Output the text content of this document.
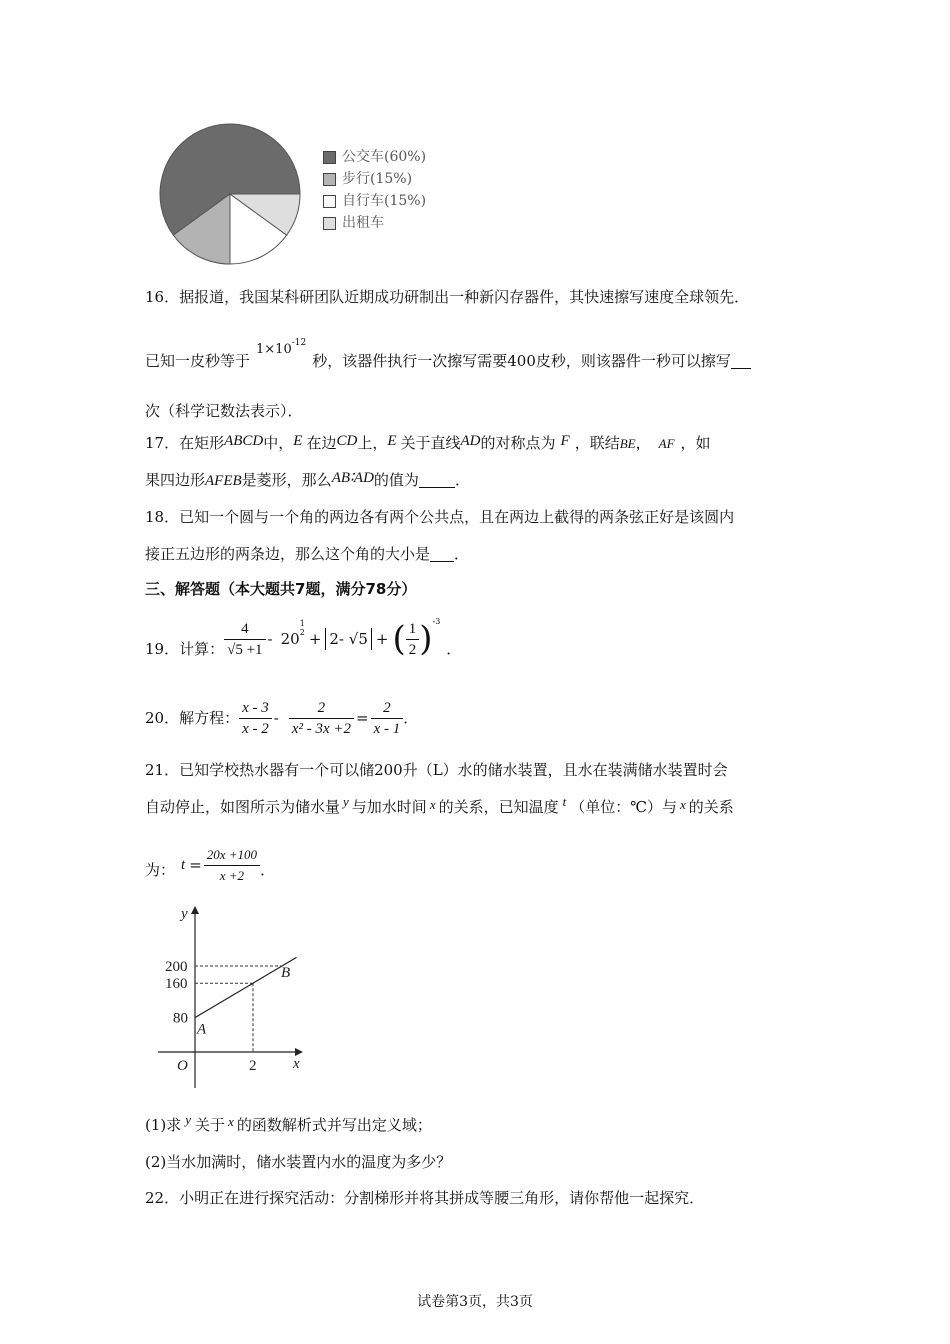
公交车(60%)
步行(15%)
自行车(15%)
出租车
16．据报道，我国某科研团队近期成功研制出一种新闪存器件，其快速擦写速度全球领先．
已知一皮秒等于$1\times 10^{-12}$秒，该器件执行一次擦写需要400皮秒，则该器件一秒可以擦写
次（科学记数法表示）．
17．在矩形ABCD中，E 在边CD上，E 关于直线AD的对称点为 F ，联结BE， AF ，如
果四边形AFEB是菱形，那么AB∶AD的值为 ．
18．已知一个圆与一个角的两边各有两个公共点，且在两边上截得的两条弦正好是该圆内
接正五边形的两条边，那么这个角的大小是 ．
三、解答题（本大题共7题，满分78分）
19．计算： $\frac{4}{√5 +1} - 20$
1
2 + 2- √5 + ( $\frac{1}{2}$ ) -3
．
20．解方程： $\frac{x - 3}{x - 2} - \frac{2}{\text{x² - 3x +2}} = \frac{2}{x - 1}$ ．
21．已知学校热水器有一个可以储200升（L）水的储水装置，且水在装满储水装置时会
自动停止，如图所示为储水量 y 与加水时间 x 的关系，已知温度 t （单位：℃）与 x 的关系
为： $t = \frac{20x +100}{x +2}$ ．
80
160
200
2 x
y
O
A
B
(1)求 y 关于 x 的函数解析式并写出定义域；
(2)当水加满时，储水装置内水的温度为多少？
22．小明正在进行探究活动：分割梯形并将其拼成等腰三角形，请你帮他一起探究．
试卷第3页，共3页
